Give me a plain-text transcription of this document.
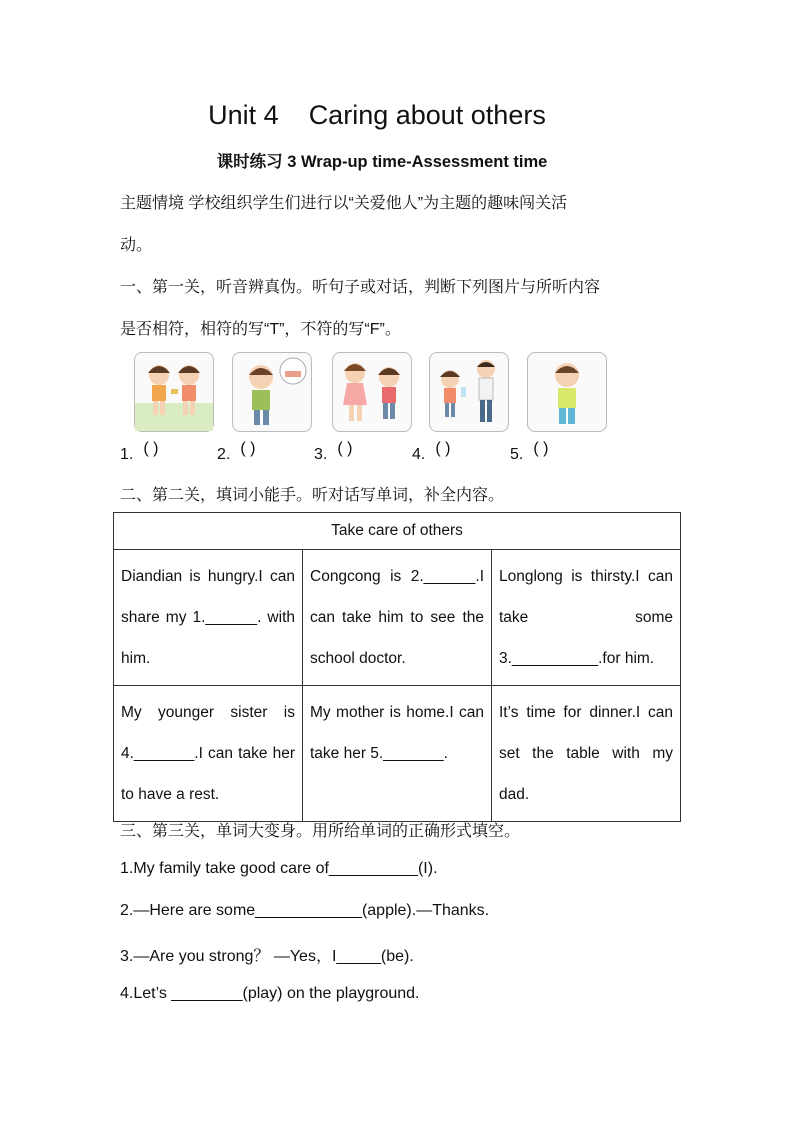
Unit 4 Caring about others
课时练习 3 Wrap-up time-Assessment time
主题情境 学校组织学生们进行以“关爱他人”为主题的趣味闯关活
动。
一、第一关，听音辨真伪。听句子或对话，判断下列图片与所听内容
是否相符，相符的写“T”，不符的写“F”。
1. ( )	2. ( )	3. ( )	4. ( )	5. ( )
二、第二关，填词小能手。听对话写单词，补全内容。
Take care of others		
Diandian is hungry.I can share my 1.______. with him.	Congcong is 2.______.I can take him to see the school doctor.	Longlong is thirsty.I can take some 3.__________.for him.
My younger sister is 4._______.I can take her to have a rest.	My mother is home.I can take her 5._______.	It’s time for dinner.I can set the table with my dad.
三、第三关，单词大变身。用所给单词的正确形式填空。
1.My family take good care of__________(I).
2.—Here are some____________(apple).—Thanks.
3.—Are you strong？ —Yes，I_____(be).
4.Let’s ________(play) on the playground.
